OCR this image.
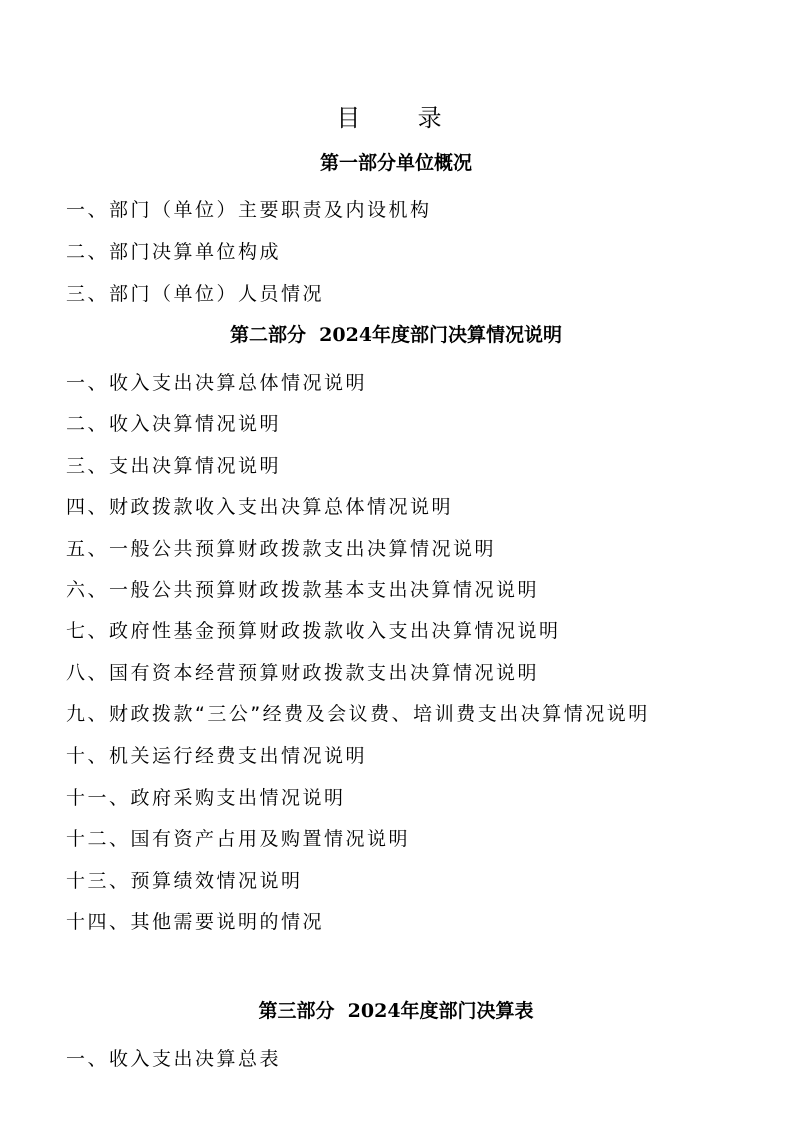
目  录
第一部分单位概况
一、部门（单位）主要职责及内设机构
二、部门决算单位构成
三、部门（单位）人员情况
第二部分  2024年度部门决算情况说明
一、收入支出决算总体情况说明
二、收入决算情况说明
三、支出决算情况说明
四、财政拨款收入支出决算总体情况说明
五、一般公共预算财政拨款支出决算情况说明
六、一般公共预算财政拨款基本支出决算情况说明
七、政府性基金预算财政拨款收入支出决算情况说明
八、国有资本经营预算财政拨款支出决算情况说明
九、财政拨款“三公”经费及会议费、培训费支出决算情况说明
十、机关运行经费支出情况说明
十一、政府采购支出情况说明
十二、国有资产占用及购置情况说明
十三、预算绩效情况说明
十四、其他需要说明的情况
第三部分  2024年度部门决算表
一、收入支出决算总表
